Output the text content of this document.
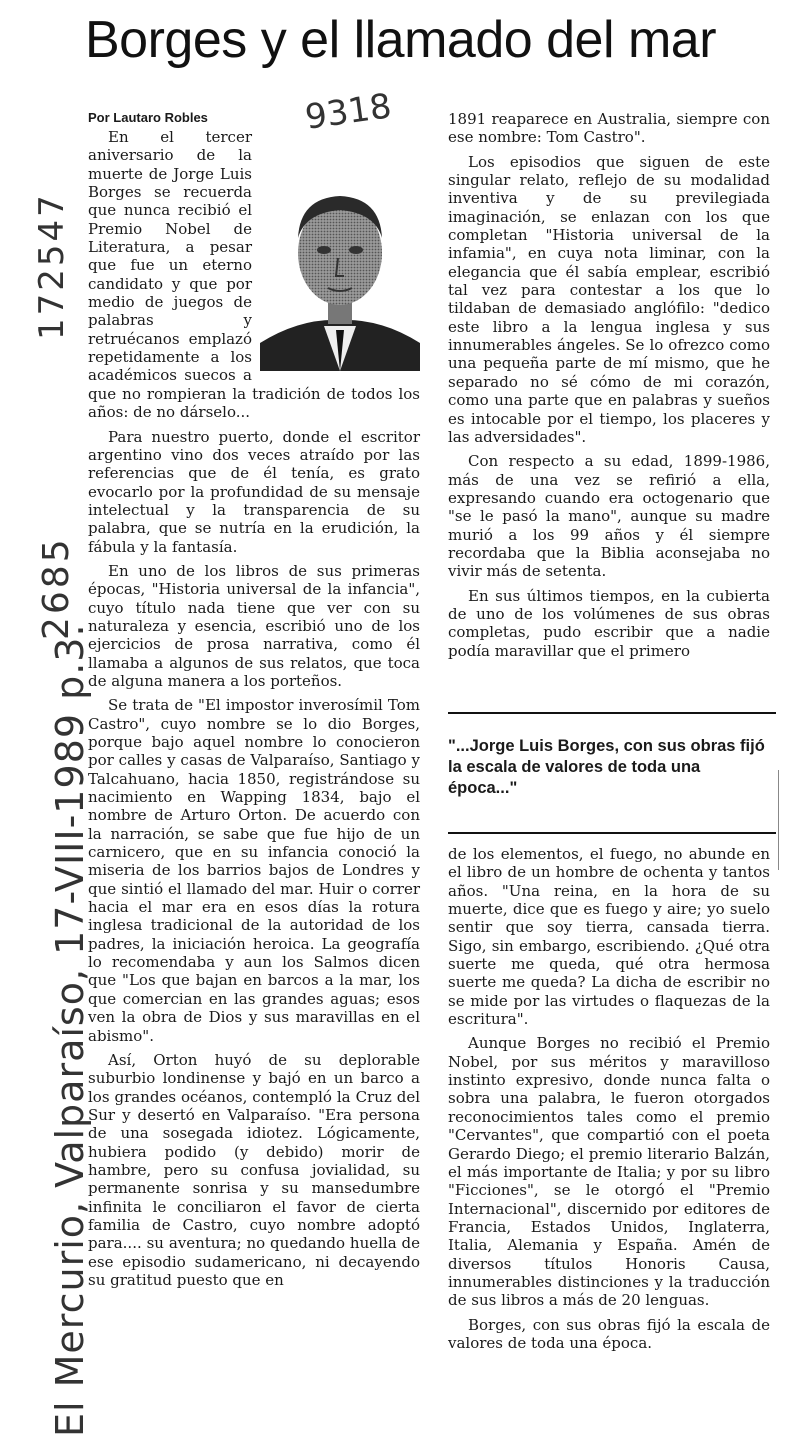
Borges y el llamado del mar
9318
172547
2685
El Mercurio, Valparaíso, 17-VIII-1989 p.3.
Por Lautaro Robles

En el tercer aniversario de la muerte de Jorge Luis Borges se recuerda que nunca recibió el Premio Nobel de Literatura, a pesar que fue un eterno candidato y que por medio de juegos de palabras y retruécanos emplazó repetidamente a los académicos suecos a que no rompieran la tradición de todos los años: de no dárselo...

Para nuestro puerto, donde el escritor argentino vino dos veces atraído por las referencias que de él tenía, es grato evocarlo por la profundidad de su mensaje intelectual y la transparencia de su palabra, que se nutría en la erudición, la fábula y la fantasía.

En uno de los libros de sus primeras épocas, "Historia universal de la infancia", cuyo título nada tiene que ver con su naturaleza y esencia, escribió uno de los ejercicios de prosa narrativa, como él llamaba a algunos de sus relatos, que toca de alguna manera a los porteños.

Se trata de "El impostor inverosímil Tom Castro", cuyo nombre se lo dio Borges, porque bajo aquel nombre lo conocieron por calles y casas de Valparaíso, Santiago y Talcahuano, hacia 1850, registrándose su nacimiento en Wapping 1834, bajo el nombre de Arturo Orton. De acuerdo con la narración, se sabe que fue hijo de un carnicero, que en su infancia conoció la miseria de los barrios bajos de Londres y que sintió el llamado del mar. Huir o correr hacia el mar era en esos días la rotura inglesa tradicional de la autoridad de los padres, la iniciación heroica. La geografía lo recomendaba y aun los Salmos dicen que "Los que bajan en barcos a la mar, los que comercian en las grandes aguas; esos ven la obra de Dios y sus maravillas en el abismo".

Así, Orton huyó de su deplorable suburbio londinense y bajó en un barco a los grandes océanos, contempló la Cruz del Sur y desertó en Valparaíso. "Era persona de una sosegada idiotez. Lógicamente, hubiera podido (y debido) morir de hambre, pero su confusa jovialidad, su permanente sonrisa y su mansedumbre infinita le conciliaron el favor de cierta familia de Castro, cuyo nombre adoptó para.... su aventura; no quedando huella de ese episodio sudamericano, ni decayendo su gratitud puesto que en

1891 reaparece en Australia, siempre con ese nombre: Tom Castro".

Los episodios que siguen de este singular relato, reflejo de su modalidad inventiva y de su previlegiada imaginación, se enlazan con los que completan "Historia universal de la infamia", en cuya nota liminar, con la elegancia que él sabía emplear, escribió tal vez para contestar a los que lo tildaban de demasiado anglófilo: "dedico este libro a la lengua inglesa y sus innumerables ángeles. Se lo ofrezco como una pequeña parte de mí mismo, que he separado no sé cómo de mi corazón, como una parte que en palabras y sueños es intocable por el tiempo, los placeres y las adversidades".

Con respecto a su edad, 1899-1986, más de una vez se refirió a ella, expresando cuando era octogenario que "se le pasó la mano", aunque su madre murió a los 99 años y él siempre recordaba que la Biblia aconsejaba no vivir más de setenta.

En sus últimos tiempos, en la cubierta de uno de los volúmenes de sus obras completas, pudo escribir que a nadie podía maravillar que el primero

"...Jorge Luis Borges, con sus obras fijó la escala de valores de toda una época..."

de los elementos, el fuego, no abunde en el libro de un hombre de ochenta y tantos años. "Una reina, en la hora de su muerte, dice que es fuego y aire; yo suelo sentir que soy tierra, cansada tierra. Sigo, sin embargo, escribiendo. ¿Qué otra suerte me queda, qué otra hermosa suerte me queda? La dicha de escribir no se mide por las virtudes o flaquezas de la escritura".

Aunque Borges no recibió el Premio Nobel, por sus méritos y maravilloso instinto expresivo, donde nunca falta o sobra una palabra, le fueron otorgados reconocimientos tales como el premio "Cervantes", que compartió con el poeta Gerardo Diego; el premio literario Balzán, el más importante de Italia; y por su libro "Ficciones", se le otorgó el "Premio Internacional", discernido por editores de Francia, Estados Unidos, Inglaterra, Italia, Alemania y España. Amén de diversos títulos Honoris Causa, innumerables distinciones y la traducción de sus libros a más de 20 lenguas.

Borges, con sus obras fijó la escala de valores de toda una época.
